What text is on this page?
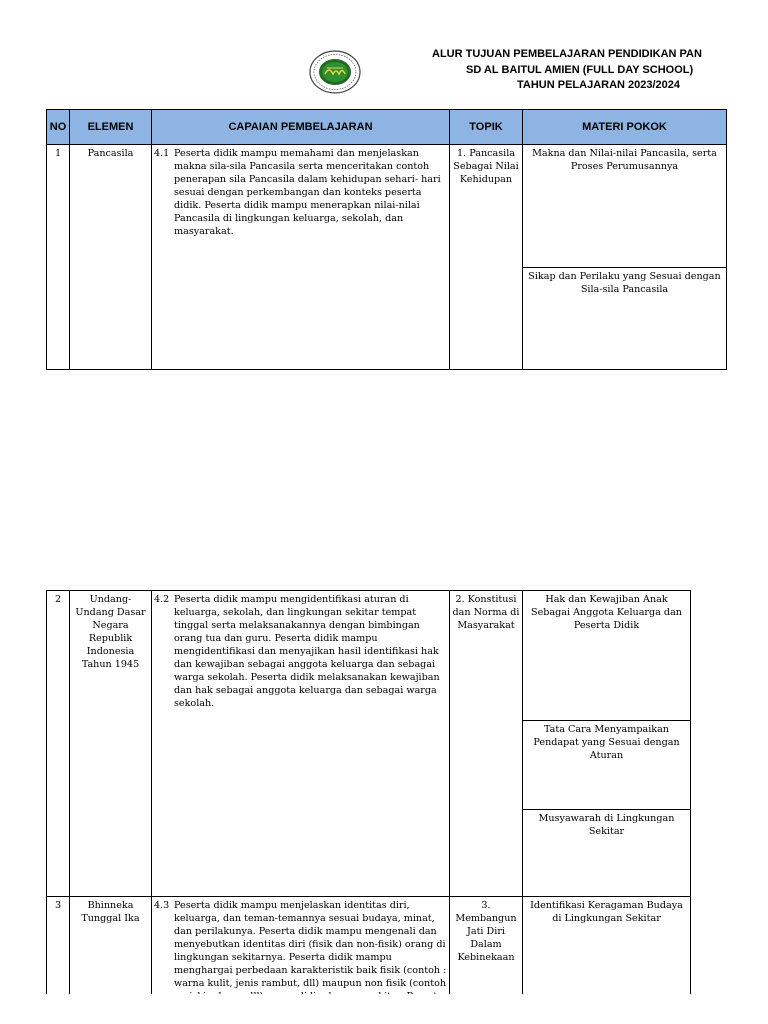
ALUR TUJUAN PEMBELAJARAN PENDIDIKAN PAN
SD AL BAITUL AMIEN (FULL DAY SCHOOL)
TAHUN PELAJARAN 2023/2024
NO	ELEMEN	CAPAIAN PEMBELAJARAN	TOPIK	MATERI POKOK
1	Pancasila	4.1 Peserta didik mampu memahami dan menjelaskan makna sila-sila Pancasila serta menceritakan contoh penerapan sila Pancasila dalam kehidupan sehari- hari sesuai dengan perkembangan dan konteks peserta didik. Peserta didik mampu menerapkan nilai-nilai Pancasila di lingkungan keluarga, sekolah, dan masyarakat.	1. Pancasila Sebagai Nilai Kehidupan	Makna dan Nilai-nilai Pancasila, serta Proses Perumusannya
				Sikap dan Perilaku yang Sesuai dengan Sila-sila Pancasila
2	Undang-Undang Dasar Negara Republik Indonesia Tahun 1945	4.2 Peserta didik mampu mengidentifikasi aturan di keluarga, sekolah, dan lingkungan sekitar tempat tinggal serta melaksanakannya dengan bimbingan orang tua dan guru. Peserta didik mampu mengidentifikasi dan menyajikan hasil identifikasi hak dan kewajiban sebagai anggota keluarga dan sebagai warga sekolah. Peserta didik melaksanakan kewajiban dan hak sebagai anggota keluarga dan sebagai warga sekolah.	2. Konstitusi dan Norma di Masyarakat	Hak dan Kewajiban Anak Sebagai Anggota Keluarga dan Peserta Didik
				Tata Cara Menyampaikan Pendapat yang Sesuai dengan Aturan
				Musyawarah di Lingkungan Sekitar
3	Bhinneka Tunggal Ika	4.3 Peserta didik mampu menjelaskan identitas diri, keluarga, dan teman-temannya sesuai budaya, minat, dan perilakunya. Peserta didik mampu mengenali dan menyebutkan identitas diri (fisik dan non-fisik) orang di lingkungan sekitarnya. Peserta didik mampu menghargai perbedaan karakteristik baik fisik (contoh : warna kulit, jenis rambut, dll) maupun non fisik (contoh	3. Membangun Jati Diri Dalam Kebinekaan	Identifikasi Keragaman Budaya di Lingkungan Sekitar
